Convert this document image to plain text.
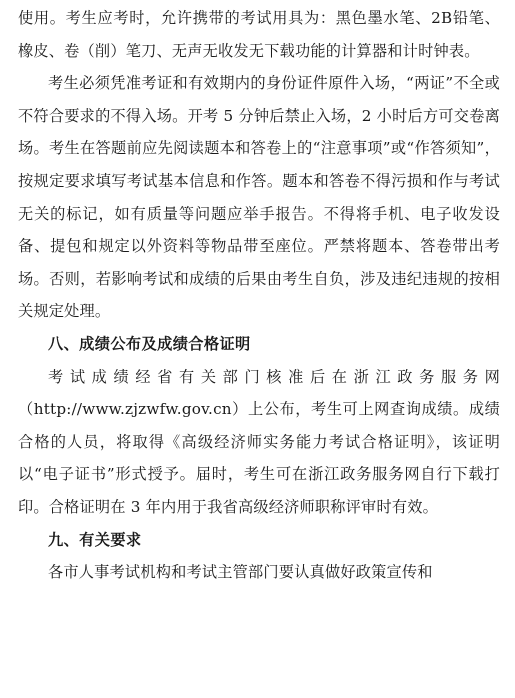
使用。考生应考时，允许携带的考试用具为：黑色墨水笔、2B铅笔、橡皮、卷（削）笔刀、无声无收发无下载功能的计算器和计时钟表。

考生必须凭准考证和有效期内的身份证件原件入场，“两证”不全或不符合要求的不得入场。开考 5 分钟后禁止入场，2 小时后方可交卷离场。考生在答题前应先阅读题本和答卷上的“注意事项”或“作答须知”，按规定要求填写考试基本信息和作答。题本和答卷不得污损和作与考试无关的标记，如有质量等问题应举手报告。不得将手机、电子收发设备、提包和规定以外资料等物品带至座位。严禁将题本、答卷带出考场。否则，若影响考试和成绩的后果由考生自负，涉及违纪违规的按相关规定处理。

八、成绩公布及成绩合格证明

考试成绩经省有关部门核准后在浙江政务服务网（http://www.zjzwfw.gov.cn）上公布，考生可上网查询成绩。成绩合格的人员，将取得《高级经济师实务能力考试合格证明》，该证明以“电子证书”形式授予。届时，考生可在浙江政务服务网自行下载打印。合格证明在 3 年内用于我省高级经济师职称评审时有效。

九、有关要求

各市人事考试机构和考试主管部门要认真做好政策宣传和
